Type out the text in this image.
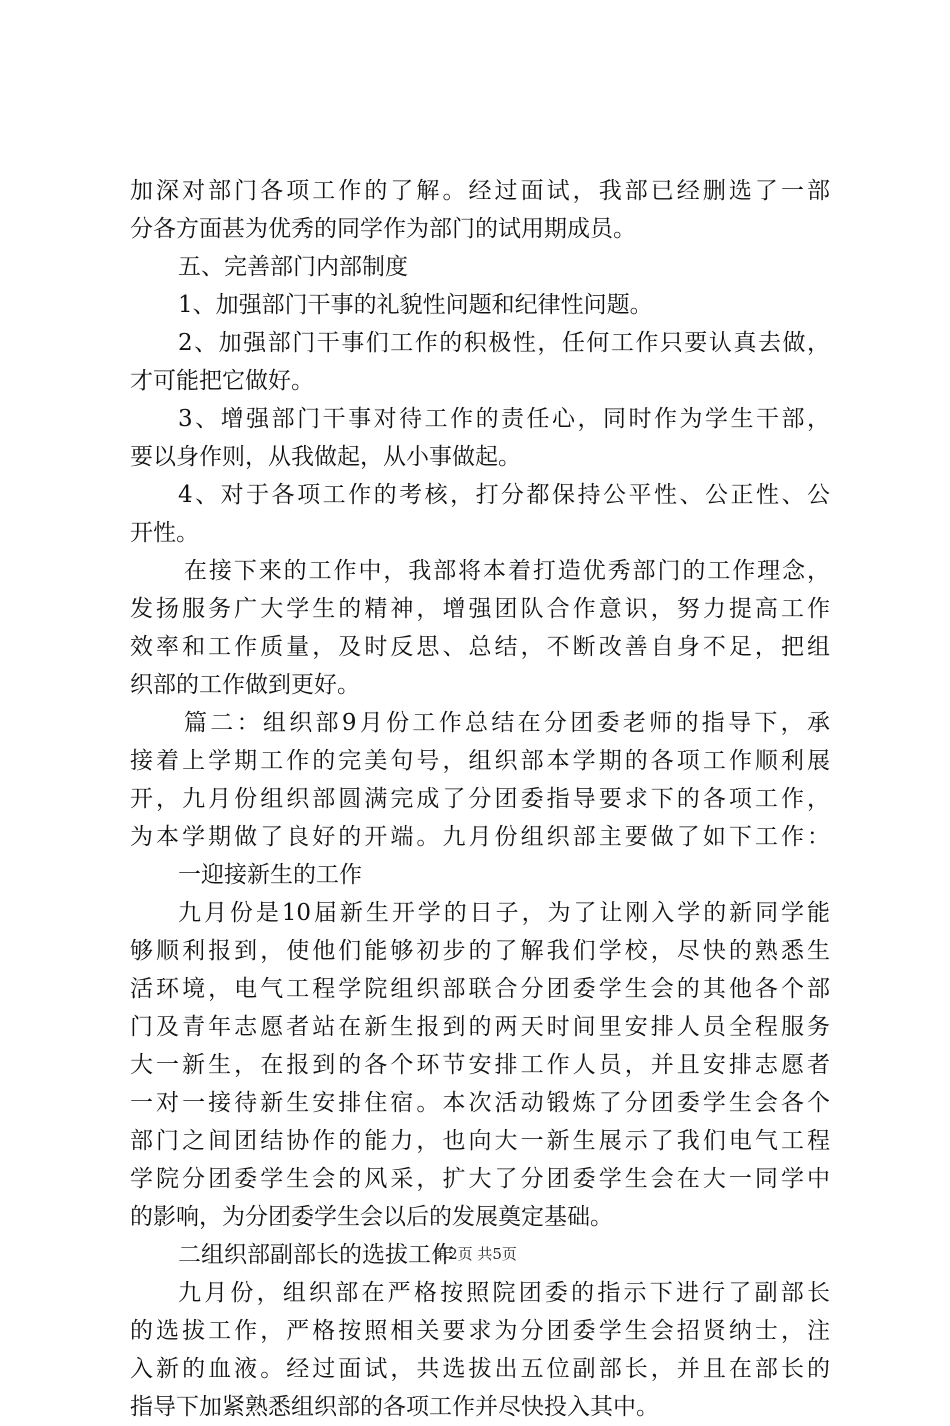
加深对部门各项工作的了解。经过面试，我部已经删选了一部
分各方面甚为优秀的同学作为部门的试用期成员。
五、完善部门内部制度
1、加强部门干事的礼貌性问题和纪律性问题。
2、加强部门干事们工作的积极性，任何工作只要认真去做，
才可能把它做好。
3、增强部门干事对待工作的责任心，同时作为学生干部，
要以身作则，从我做起，从小事做起。
4、对于各项工作的考核，打分都保持公平性、公正性、公
开性。
在接下来的工作中，我部将本着打造优秀部门的工作理念，
发扬服务广大学生的精神，增强团队合作意识，努力提高工作
效率和工作质量，及时反思、总结，不断改善自身不足，把组
织部的工作做到更好。
篇二：组织部9月份工作总结在分团委老师的指导下，承
接着上学期工作的完美句号，组织部本学期的各项工作顺利展
开，九月份组织部圆满完成了分团委指导要求下的各项工作，
为本学期做了良好的开端。九月份组织部主要做了如下工作：
一迎接新生的工作
九月份是10届新生开学的日子，为了让刚入学的新同学能
够顺利报到，使他们能够初步的了解我们学校，尽快的熟悉生
活环境，电气工程学院组织部联合分团委学生会的其他各个部
门及青年志愿者站在新生报到的两天时间里安排人员全程服务
大一新生，在报到的各个环节安排工作人员，并且安排志愿者
一对一接待新生安排住宿。本次活动锻炼了分团委学生会各个
部门之间团结协作的能力，也向大一新生展示了我们电气工程
学院分团委学生会的风采，扩大了分团委学生会在大一同学中
的影响，为分团委学生会以后的发展奠定基础。
二组织部副部长的选拔工作
九月份，组织部在严格按照院团委的指示下进行了副部长
的选拔工作，严格按照相关要求为分团委学生会招贤纳士，注
入新的血液。经过面试，共选拔出五位副部长，并且在部长的
指导下加紧熟悉组织部的各项工作并尽快投入其中。
第2页 共5页
